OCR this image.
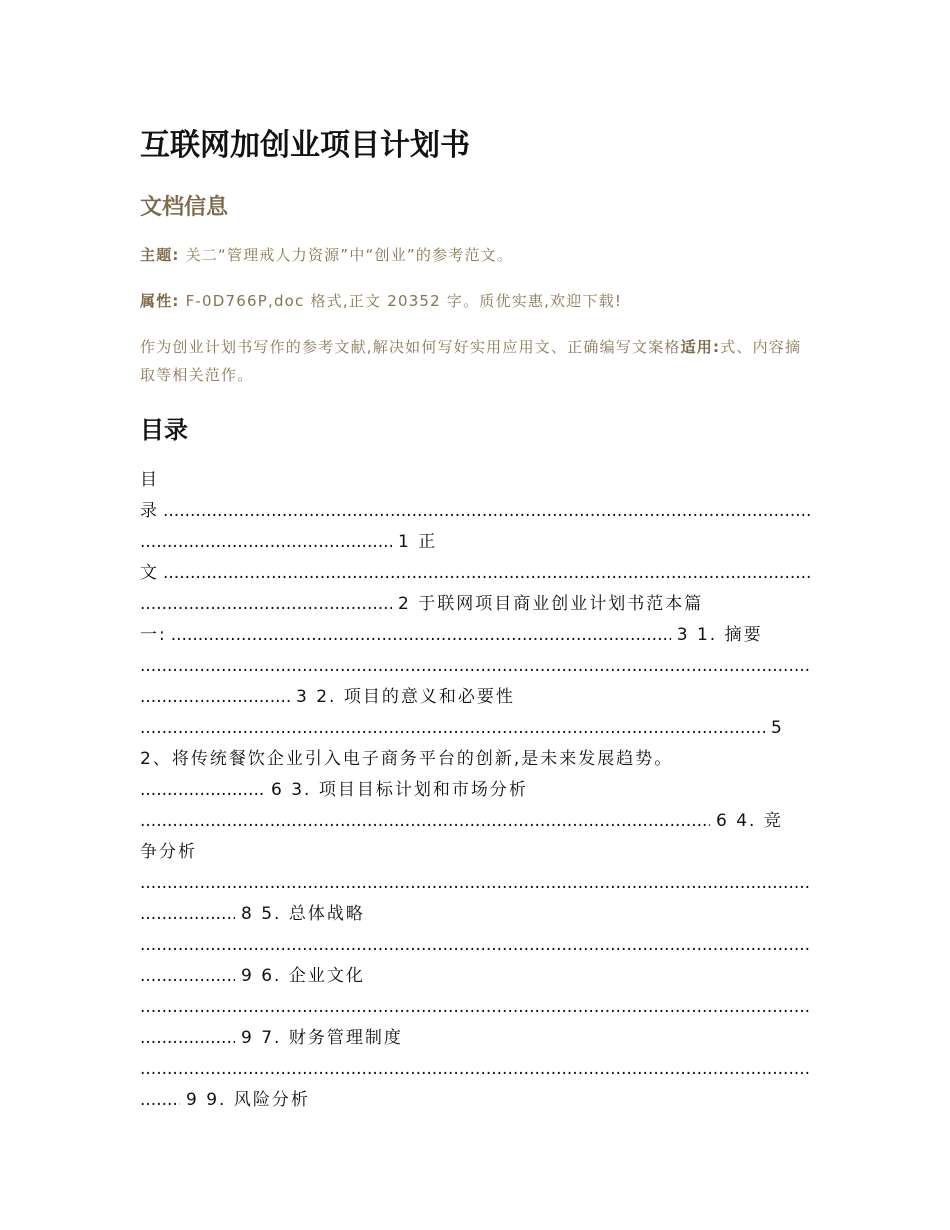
互联网加创业项目计划书
文档信息

主题: 关二“管理戒人力资源”中“创业”的参考范文。

属性: F-0D766P,doc 格式,正文 20352 字。质优实惠,欢迎下载!

作为创业计划书写作的参考文献,解决如何写好实用应用文、正确编写文案格适用:式、内容摘取等相关范作。

目录
目
录
.....
.....
1 正
文
.....
.....
2 于联网项目商业创业计划书范本篇
一:
.....	3 1. 摘要
.....
.....
3 2. 项目的意义和必要性
.....
5
2、将传统餐饮企业引入电子商务平台的创新,是未来发展趋势。
.....
6 3. 项目目标计划和市场分析
.....
6 4. 竞
争分析
.....
.....
8 5. 总体战略
.....
.....
9 6. 企业文化
.....
.....
9 7. 财务管理制度
.....
.....
9 9. 风险分析
